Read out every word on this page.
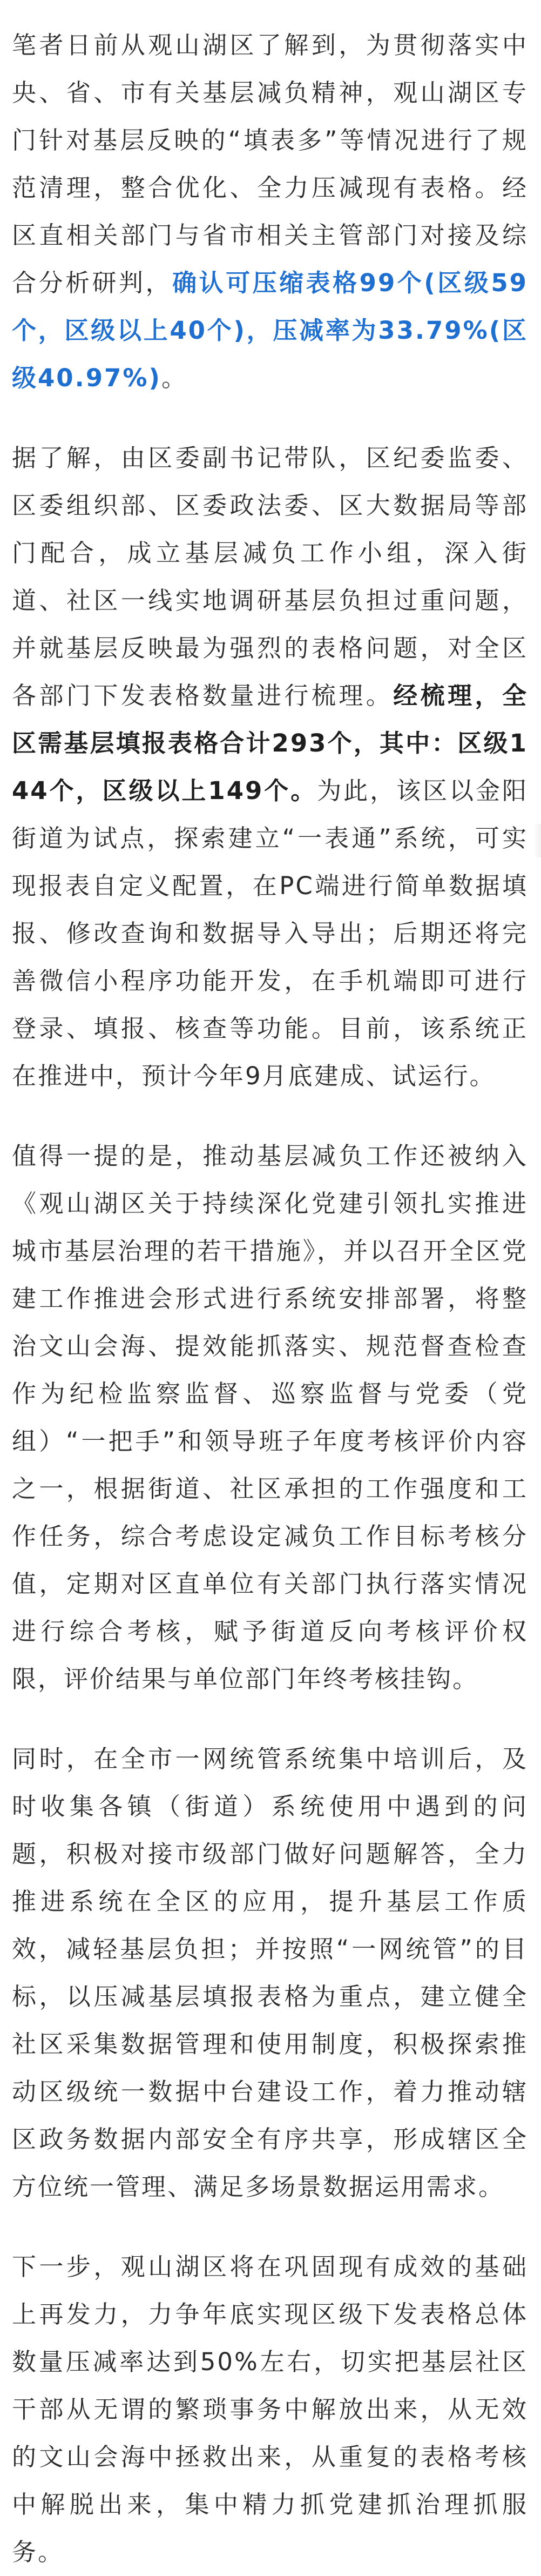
笔者日前从观山湖区了解到，为贯彻落实中央、省、市有关基层减负精神，观山湖区专门针对基层反映的“填表多”等情况进行了规范清理，整合优化、全力压减现有表格。经区直相关部门与省市相关主管部门对接及综合分析研判，确认可压缩表格99个(区级59个，区级以上40个)，压减率为33.79%(区级40.97%)。

据了解，由区委副书记带队，区纪委监委、区委组织部、区委政法委、区大数据局等部门配合，成立基层减负工作小组，深入街道、社区一线实地调研基层负担过重问题，并就基层反映最为强烈的表格问题，对全区各部门下发表格数量进行梳理。经梳理，全区需基层填报表格合计293个，其中：区级144个，区级以上149个。为此，该区以金阳街道为试点，探索建立“一表通”系统，可实现报表自定义配置，在PC端进行简单数据填报、修改查询和数据导入导出；后期还将完善微信小程序功能开发，在手机端即可进行登录、填报、核查等功能。目前，该系统正在推进中，预计今年9月底建成、试运行。

值得一提的是，推动基层减负工作还被纳入《观山湖区关于持续深化党建引领扎实推进城市基层治理的若干措施》，并以召开全区党建工作推进会形式进行系统安排部署，将整治文山会海、提效能抓落实、规范督查检查作为纪检监察监督、巡察监督与党委（党组）“一把手”和领导班子年度考核评价内容之一，根据街道、社区承担的工作强度和工作任务，综合考虑设定减负工作目标考核分值，定期对区直单位有关部门执行落实情况进行综合考核，赋予街道反向考核评价权限，评价结果与单位部门年终考核挂钩。

同时，在全市一网统管系统集中培训后，及时收集各镇（街道）系统使用中遇到的问题，积极对接市级部门做好问题解答，全力推进系统在全区的应用，提升基层工作质效，减轻基层负担；并按照“一网统管”的目标，以压减基层填报表格为重点，建立健全社区采集数据管理和使用制度，积极探索推动区级统一数据中台建设工作，着力推动辖区政务数据内部安全有序共享，形成辖区全方位统一管理、满足多场景数据运用需求。

下一步，观山湖区将在巩固现有成效的基础上再发力，力争年底实现区级下发表格总体数量压减率达到50%左右，切实把基层社区干部从无谓的繁琐事务中解放出来，从无效的文山会海中拯救出来，从重复的表格考核中解脱出来，集中精力抓党建抓治理抓服务。
